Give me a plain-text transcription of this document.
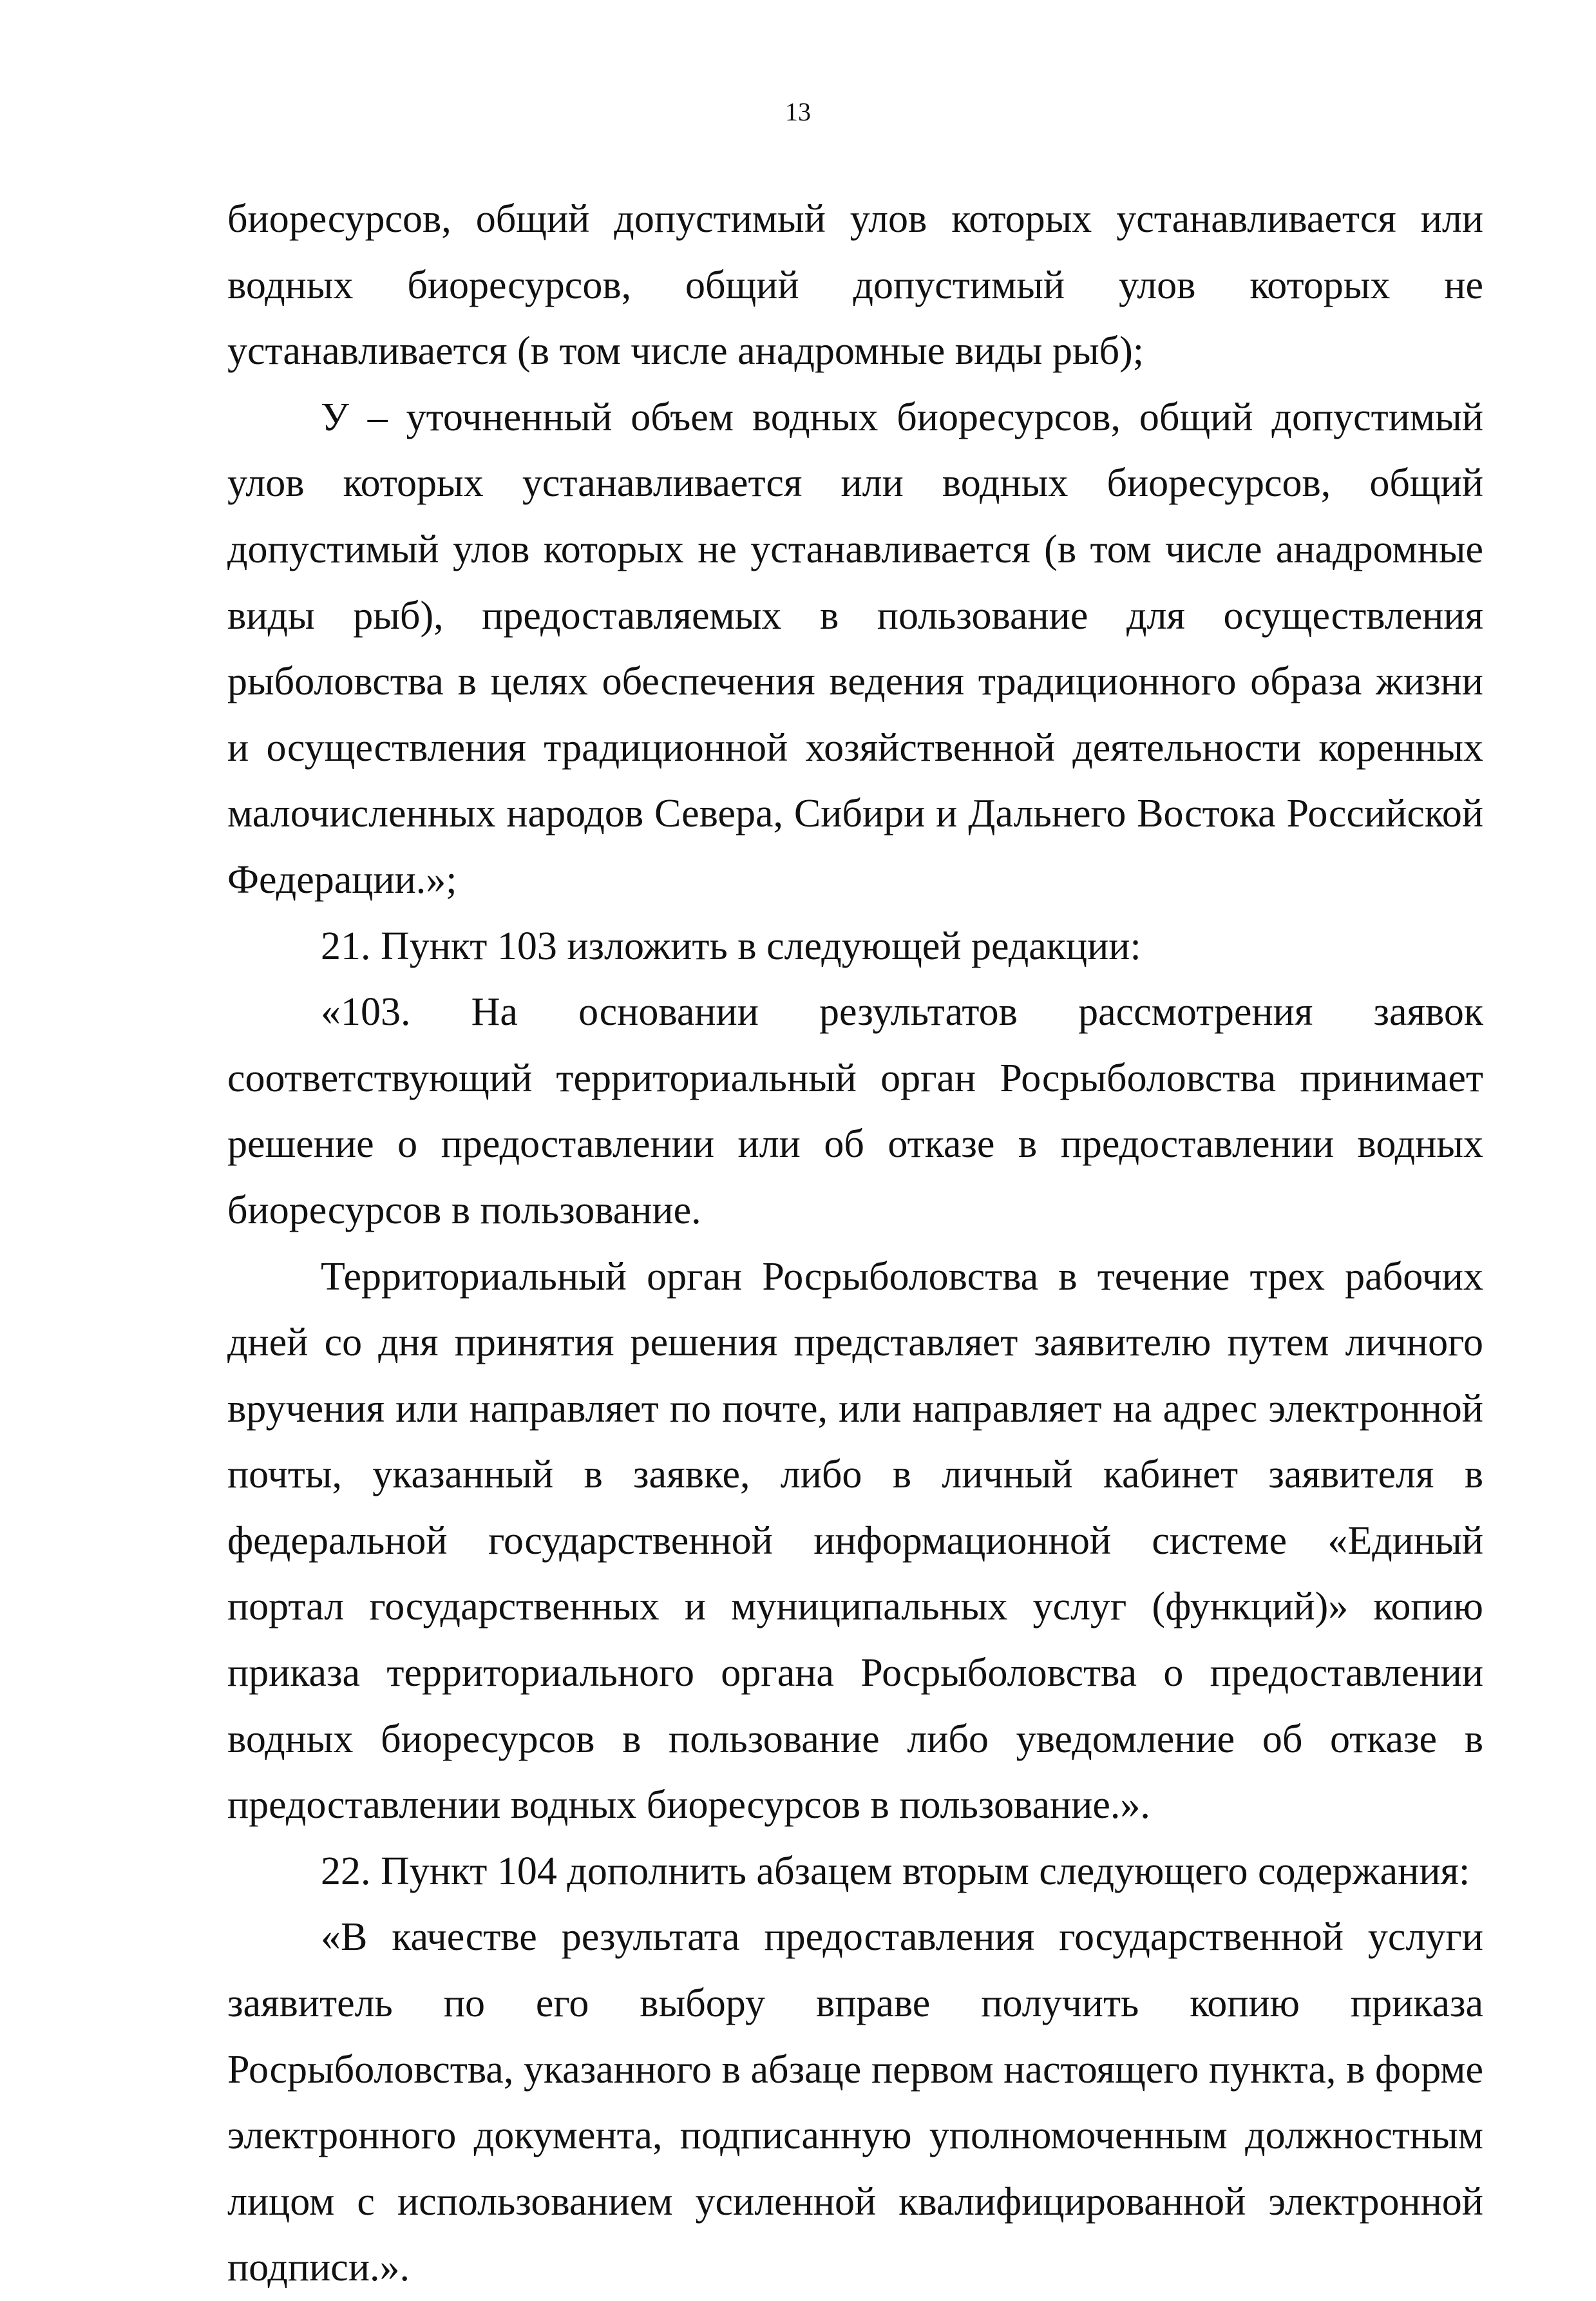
13

биоресурсов, общий допустимый улов которых устанавливается или водных биоресурсов, общий допустимый улов которых не устанавливается (в том числе анадромные виды рыб);

У – уточненный объем водных биоресурсов, общий допустимый улов которых устанавливается или водных биоресурсов, общий допустимый улов которых не устанавливается (в том числе анадромные виды рыб), предоставляемых в пользование для осуществления рыболовства в целях обеспечения ведения традиционного образа жизни и осуществления традиционной хозяйственной деятельности коренных малочисленных народов Севера, Сибири и Дальнего Востока Российской Федерации.»;

21. Пункт 103 изложить в следующей редакции:

«103. На основании результатов рассмотрения заявок соответствующий территориальный орган Росрыболовства принимает решение о предоставлении или об отказе в предоставлении водных биоресурсов в пользование.

Территориальный орган Росрыболовства в течение трех рабочих дней со дня принятия решения представляет заявителю путем личного вручения или направляет по почте, или направляет на адрес электронной почты, указанный в заявке, либо в личный кабинет заявителя в федеральной государственной информационной системе «Единый портал государственных и муниципальных услуг (функций)» копию приказа территориального органа Росрыболовства о предоставлении водных биоресурсов в пользование либо уведомление об отказе в предоставлении водных биоресурсов в пользование.».

22. Пункт 104 дополнить абзацем вторым следующего содержания:

«В качестве результата предоставления государственной услуги заявитель по его выбору вправе получить копию приказа Росрыболовства, указанного в абзаце первом настоящего пункта, в форме электронного документа, подписанную уполномоченным должностным лицом с использованием усиленной квалифицированной электронной подписи.».
